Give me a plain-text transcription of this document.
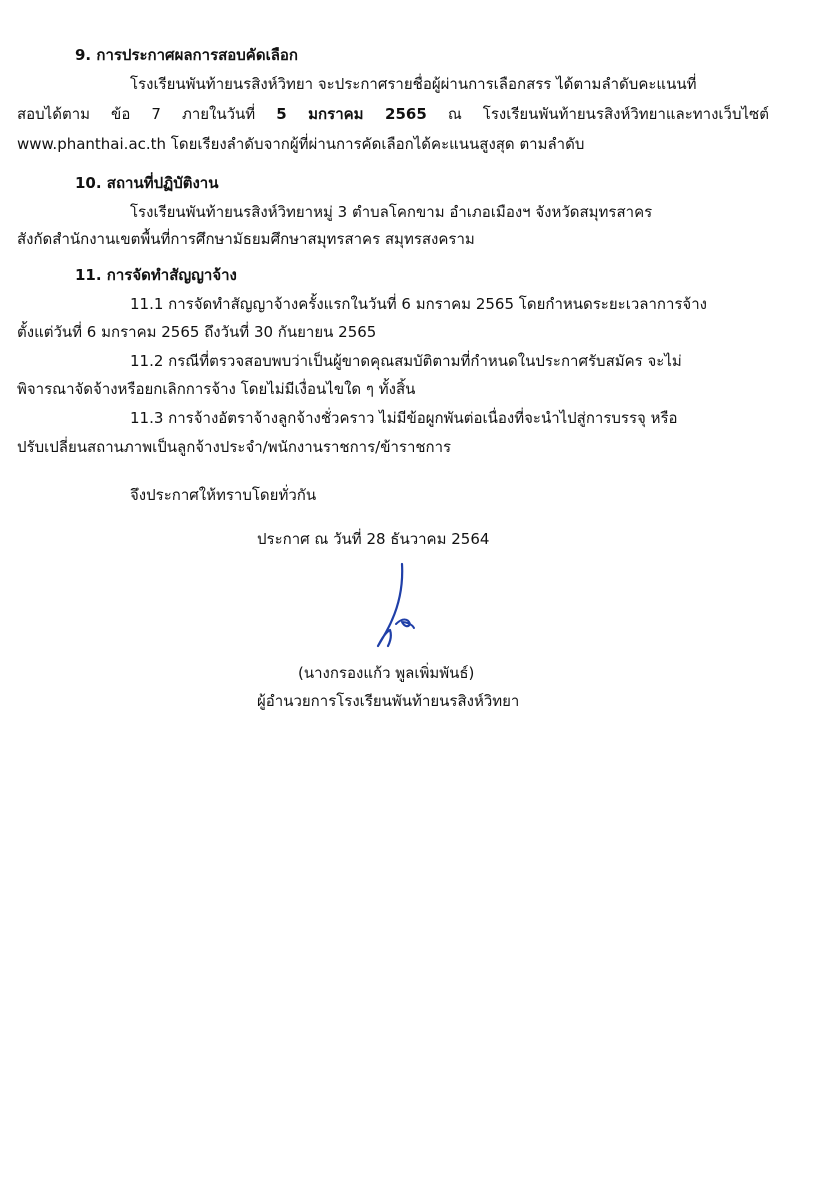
9. การประกาศผลการสอบคัดเลือก
โรงเรียนพันท้ายนรสิงห์วิทยา จะประกาศรายชื่อผู้ผ่านการเลือกสรร ได้ตามลำดับคะแนนที่
สอบได้ตาม ข้อ 7 ภายในวันที่ 5 มกราคม 2565 ณ โรงเรียนพันท้ายนรสิงห์วิทยาและทางเว็บไซต์
www.phanthai.ac.th โดยเรียงลำดับจากผู้ที่ผ่านการคัดเลือกได้คะแนนสูงสุด ตามลำดับ
10. สถานที่ปฏิบัติงาน
โรงเรียนพันท้ายนรสิงห์วิทยาหมู่ 3 ตำบลโคกขาม อำเภอเมืองฯ จังหวัดสมุทรสาคร
สังกัดสำนักงานเขตพื้นที่การศึกษามัธยมศึกษาสมุทรสาคร สมุทรสงคราม
11. การจัดทำสัญญาจ้าง
11.1 การจัดทำสัญญาจ้างครั้งแรกในวันที่ 6 มกราคม 2565 โดยกำหนดระยะเวลาการจ้าง
ตั้งแต่วันที่ 6 มกราคม 2565 ถึงวันที่ 30 กันยายน 2565
11.2 กรณีที่ตรวจสอบพบว่าเป็นผู้ขาดคุณสมบัติตามที่กำหนดในประกาศรับสมัคร จะไม่
พิจารณาจัดจ้างหรือยกเลิกการจ้าง โดยไม่มีเงื่อนไขใด ๆ ทั้งสิ้น
11.3 การจ้างอัตราจ้างลูกจ้างชั่วคราว ไม่มีข้อผูกพันต่อเนื่องที่จะนำไปสู่การบรรจุ หรือ
ปรับเปลี่ยนสถานภาพเป็นลูกจ้างประจำ/พนักงานราชการ/ข้าราชการ
จึงประกาศให้ทราบโดยทั่วกัน
ประกาศ ณ วันที่ 28 ธันวาคม 2564
(นางกรองแก้ว พูลเพิ่มพันธ์)
ผู้อำนวยการโรงเรียนพันท้ายนรสิงห์วิทยา
